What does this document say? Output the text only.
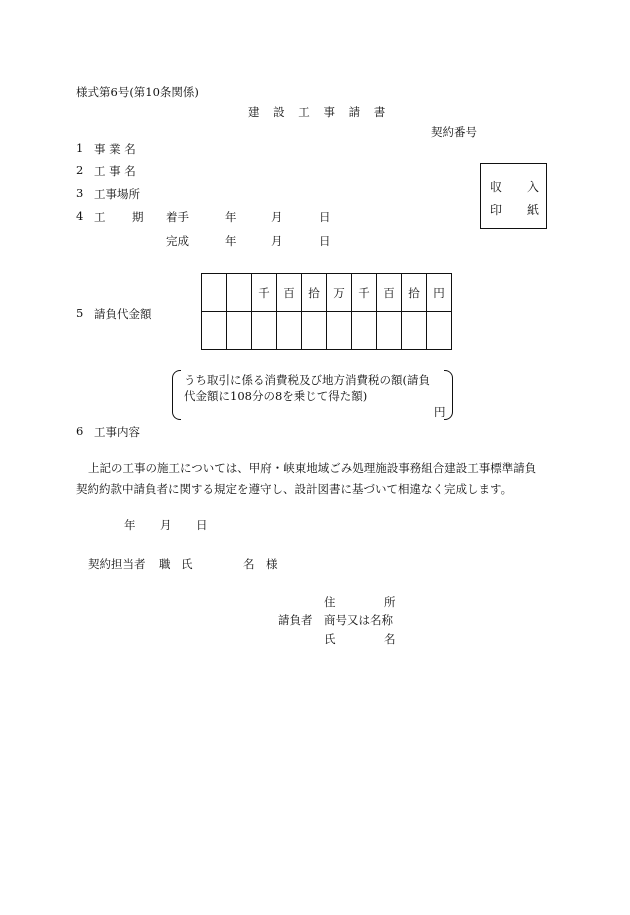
様式第6号(第10条関係)
建 設 工 事 請 書
契約番号
収 入
印 紙
1 事 業 名
2 工 事 名
3 工事場所
4 工 期 着手	年	月	日
完成	年	月	日
5 請負代金額
		千	百	拾	万	千	百	拾	円

うち取引に係る消費税及び地方消費税の額(請負
代金額に108分の8を乗じて得た額)
円
6 工事内容
上記の工事の施工については、甲府・峡東地域ごみ処理施設事務組合建設工事標準請負
契約約款中請負者に関する規定を遵守し、設計図書に基づいて相違なく完成します。
年 月 日
契約担当者 職 氏	名 様
住	所
請負者 商号又は名称
氏	名
